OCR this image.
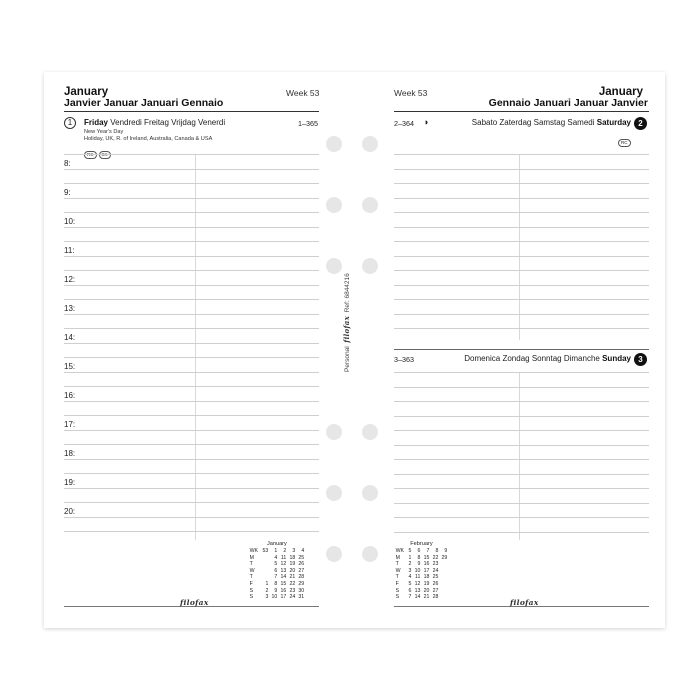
January
Janvier Januar Januari Gennaio
Week 53
1	Friday Vendredi Freitag Vrijdag Venerdi	1–365
New Year's Day
Holiday, UK, R. of Ireland, Australia, Canada & USA
January
WK	53	1	2	3	4
M		4	11	18	25
T		5	12	19	26
W		6	13	20	27
T		7	14	21	28
F	1	8	15	22	29
S	2	9	16	23	30
S	3	10	17	24	31
filofax
Personal  filofax  Ref: 6844216
Week 53	January
Gennaio Januari Januar Janvier
2–364 ◑	Sabato Zaterdag Samstag Samedi Saturday 2
RC
3–363	Domenica Zondag Sonntag Dimanche Sunday 3
February
WK	5	6	7	8	9
M	1	8	15	22	29
T	2	9	16	23	
W	3	10	17	24	
T	4	11	18	25	
F	5	12	19	26	
S	6	13	20	27	
S	7	14	21	28	
filofax
8:
9:
10:
11:
12:
13:
14:
15:
16:
17:
18:
19:
20:
